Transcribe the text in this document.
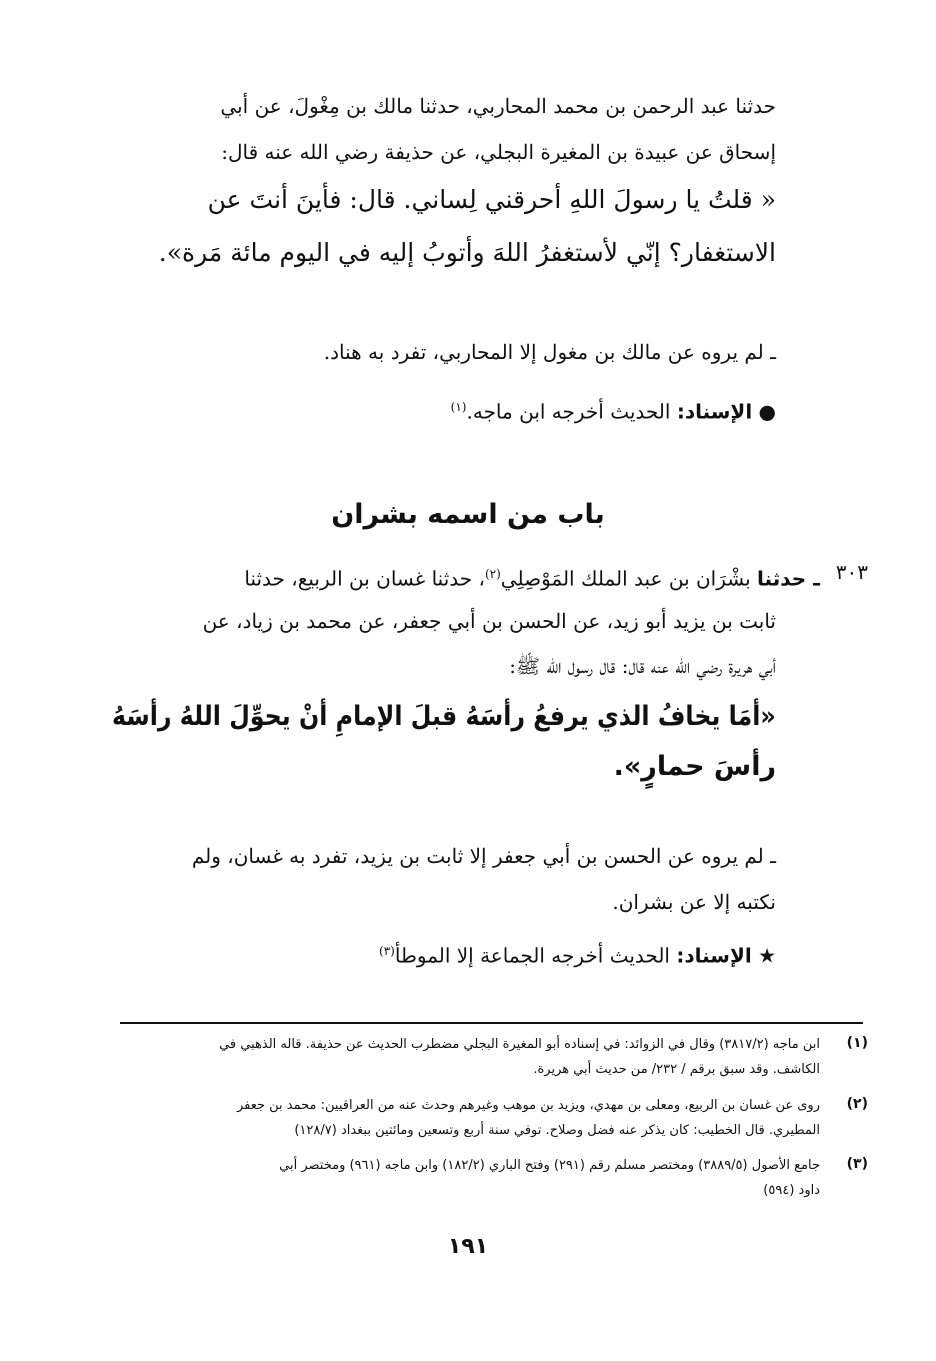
حدثنا عبد الرحمن بن محمد المحاربي، حدثنا مالك بن مِغْولَ، عن أبي
إسحاق عن عبيدة بن المغيرة البجلي، عن حذيفة رضي الله عنه قال:
« قلتُ يا رسولَ اللهِ أحرقني لِساني. قال: فأينَ أنتَ عن
الاستغفار؟ إنّي لأستغفرُ اللهَ وأتوبُ إليه في اليوم مائة مَرة».
ـ لم يروه عن مالك بن مغول إلا المحاربي، تفرد به هناد.
● الإسناد: الحديث أخرجه ابن ماجه.$^{(١)}$
باب من اسمه بشران
٣٠٣
ـ حدثنا بشْرَان بن عبد الملك المَوْصِلِي$^{(٢)}$، حدثنا غسان بن الربيع، حدثنا
ثابت بن يزيد أبو زيد، عن الحسن بن أبي جعفر، عن محمد بن زياد، عن
أبي هريرة رضي الله عنه قال: قال رسول الله ﷺ:
«أمَا يخافُ الذي يرفعُ رأسَهُ قبلَ الإمامِ أنْ يحوِّلَ اللهُ رأسَهُ
رأسَ حمارٍ».
ـ لم يروه عن الحسن بن أبي جعفر إلا ثابت بن يزيد، تفرد به غسان، ولم
نكتبه إلا عن بشران.
★ الإسناد: الحديث أخرجه الجماعة إلا الموطأ$^{(٣)}$
(١)
ابن ماجه (٣٨١٧/٢) وقال في الزوائد: في إسناده أبو المغيرة البجلي مضطرب الحديث عن حذيفة. قاله الذهبي في
الكاشف. وقد سبق برقم / ٢٣٢/ من حديث أبي هريرة.
(٢)
روى عن غسان بن الربيع، ومعلى بن مهدي، ويزيد بن موهب وغيرهم وحدث عنه من العراقيين: محمد بن جعفر
المطيري. قال الخطيب: كان يذكر عنه فضل وصلاح. توفي سنة أربع وتسعين ومائتين ببغداد (١٢٨/٧)
(٣)
جامع الأصول (٣٨٨٩/٥) ومختصر مسلم رقم (٢٩١) وفتح الباري (١٨٢/٢) وابن ماجه (٩٦١) ومختصر أبي
داود (٥٩٤)
١٩١
